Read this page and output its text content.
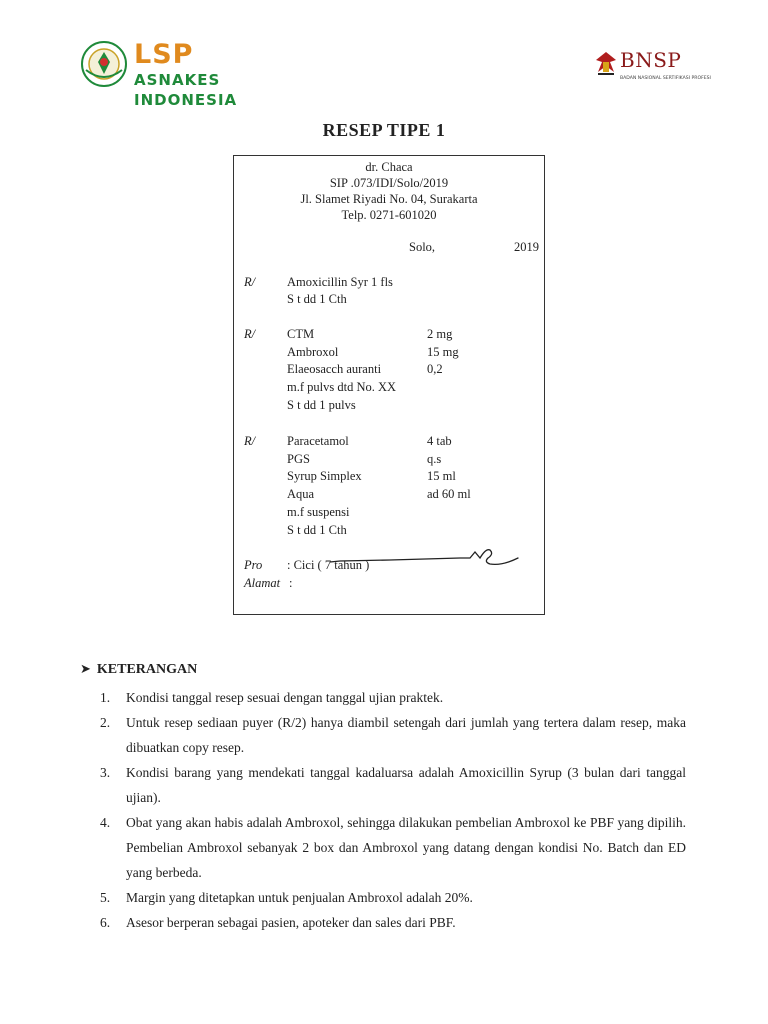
LSP
ASNAKES INDONESIA
BNSP
BADAN NASIONAL SERTIFIKASI PROFESI
RESEP TIPE 1
dr. Chaca
SIP .073/IDI/Solo/2019
Jl. Slamet Riyadi No. 04, Surakarta
Telp. 0271-601020
Solo,	2019
R/	Amoxicillin Syr 1 fls
S t dd 1 Cth
R/	CTM	2 mg
Ambroxol	15 mg
Elaeosacch auranti	0,2
m.f pulvs dtd No. XX
S t dd 1 pulvs
R/	Paracetamol	4 tab
PGS	q.s
Syrup Simplex	15 ml
Aqua	ad 60 ml
m.f suspensi
S t dd 1 Cth
Pro : Cici ( 7 tahun )
Alamat :
➤ KETERANGAN
1. Kondisi tanggal resep sesuai dengan tanggal ujian praktek.
2. Untuk resep sediaan puyer (R/2) hanya diambil setengah dari jumlah yang tertera dalam resep, maka dibuatkan copy resep.
3. Kondisi barang yang mendekati tanggal kadaluarsa adalah Amoxicillin Syrup (3 bulan dari tanggal ujian).
4. Obat yang akan habis adalah Ambroxol, sehingga dilakukan pembelian Ambroxol ke PBF yang dipilih. Pembelian Ambroxol sebanyak 2 box dan Ambroxol yang datang dengan kondisi No. Batch dan ED yang berbeda.
5. Margin yang ditetapkan untuk penjualan Ambroxol adalah 20%.
6. Asesor berperan sebagai pasien, apoteker dan sales dari PBF.
